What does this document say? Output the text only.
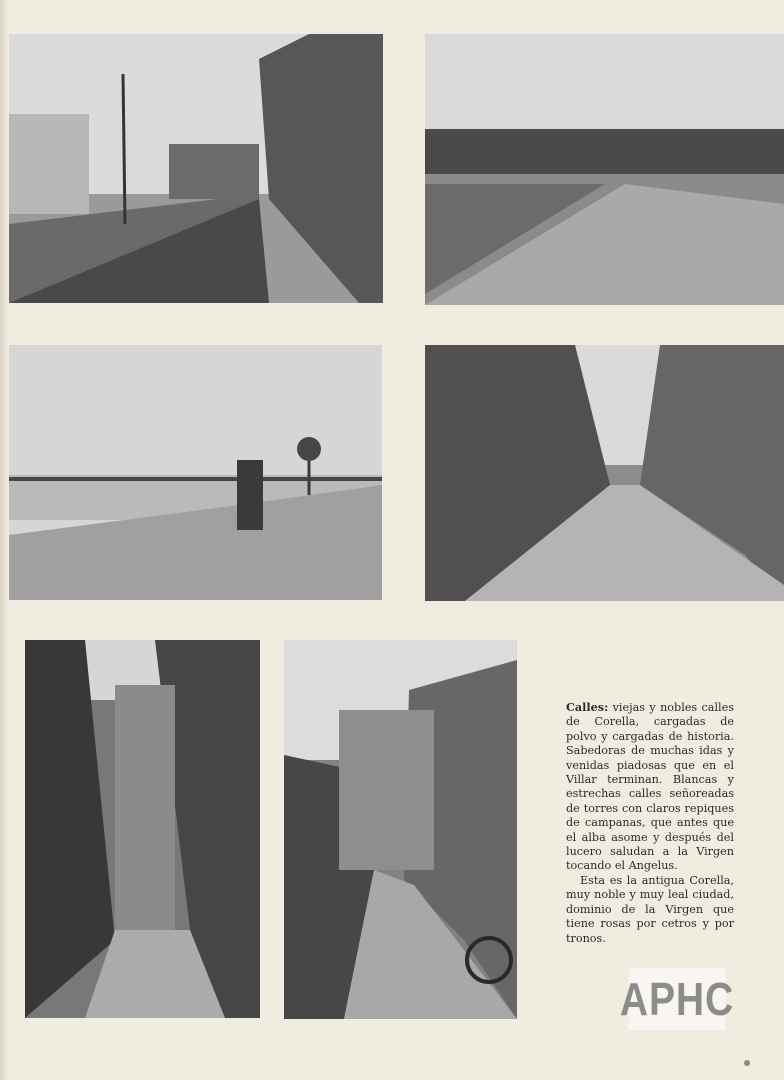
Calles: viejas y nobles calles de Corella, cargadas de polvo y cargadas de historia. Sabedoras de muchas idas y venidas piadosas que en el Villar terminan. Blancas y estrechas calles señoreadas de torres con claros repiques de campanas, que antes que el alba asome y después del lucero saludan a la Virgen tocando el Angelus.

Esta es la antigua Corella, muy noble y muy leal ciudad, dominio de la Virgen que tiene rosas por cetros y por tronos.

APHC
